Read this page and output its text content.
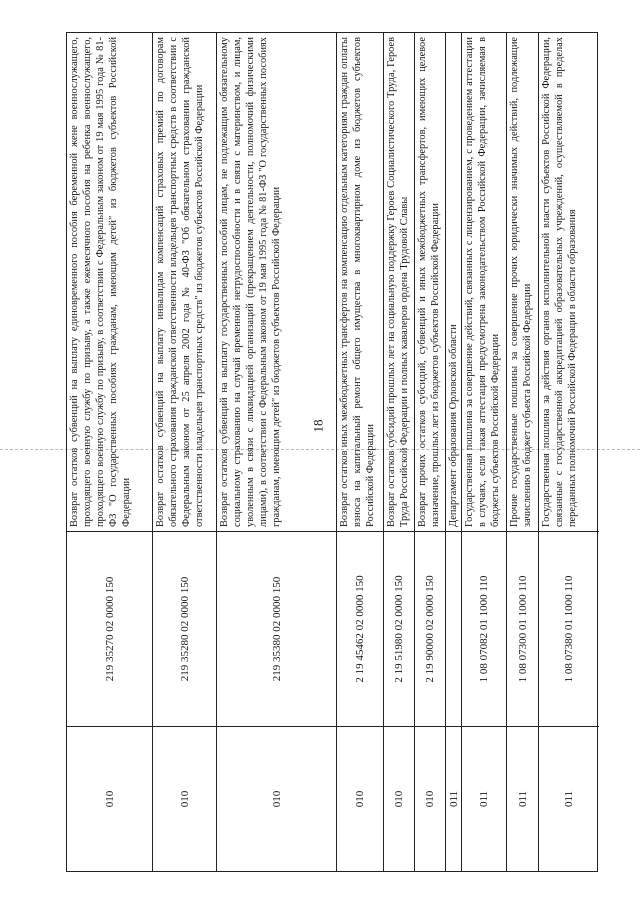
18
010
219 35270 02 0000 150
Возврат остатков субвенций на выплату единовременного пособия беременной жене военнослужащего, проходящего военную службу по призыву, а также ежемесячного пособия на ребенка военнослужащего, проходящего военную службу по призыву, в соответствии с Федеральным законом от 19 мая 1995 года № 81-ФЗ "О государственных пособиях гражданам, имеющим детей" из бюджетов субъектов Российской Федерации
010
219 35280 02 0000 150
Возврат остатков субвенций на выплату инвалидам компенсаций страховых премий по договорам обязательного страхования гражданской ответственности владельцев транспортных средств в соответствии с Федеральным законом от 25 апреля 2002 года № 40-ФЗ "Об обязательном страховании гражданской ответственности владельцев транспортных средств" из бюджетов субъектов Российской Федерации
010
219 35380 02 0000 150
Возврат остатков субвенций на выплату государственных пособий лицам, не подлежащим обязательному социальному страхованию на случай временной нетрудоспособности и в связи с материнством, и лицам, уволенным в связи с ликвидацией организаций (прекращением деятельности, полномочий физическими лицами), в соответствии с Федеральным законом от 19 мая 1995 года № 81-ФЗ "О государственных пособиях гражданам, имеющим детей" из бюджетов субъектов Российской Федерации
010
2 19 45462 02 0000 150
Возврат остатков иных межбюджетных трансфертов на компенсацию отдельным категориям граждан оплаты взноса на капитальный ремонт общего имущества в многоквартирном доме из бюджетов субъектов Российской Федерации
010
2 19 51980 02 0000 150
Возврат остатков субсидий прошлых лет на социальную поддержку Героев Социалистического Труда, Героев Труда Российской Федерации и полных кавалеров ордена Трудовой Славы
010
2 19 90000 02 0000 150
Возврат прочих остатков субсидий, субвенций и иных межбюджетных трансфертов, имеющих целевое назначение, прошлых лет из бюджетов субъектов Российской Федерации
011
Департамент образования Орловской области
011
1 08 07082 01 1000 110
Государственная пошлина за совершение действий, связанных с лицензированием, с проведением аттестации в случаях, если такая аттестация предусмотрена законодательством Российской Федерации, зачисляемая в бюджеты субъектов Российской Федерации
011
1 08 07300 01 1000 110
Прочие государственные пошлины за совершение прочих юридически значимых действий, подлежащие зачислению в бюджет субъекта Российской Федерации
011
1 08 07380 01 1000 110
Государственная пошлина за действия органов исполнительной власти субъектов Российской Федерации, связанные с государственной аккредитацией образовательных учреждений, осуществляемой в пределах переданных полномочий Российской Федерации в области образования
